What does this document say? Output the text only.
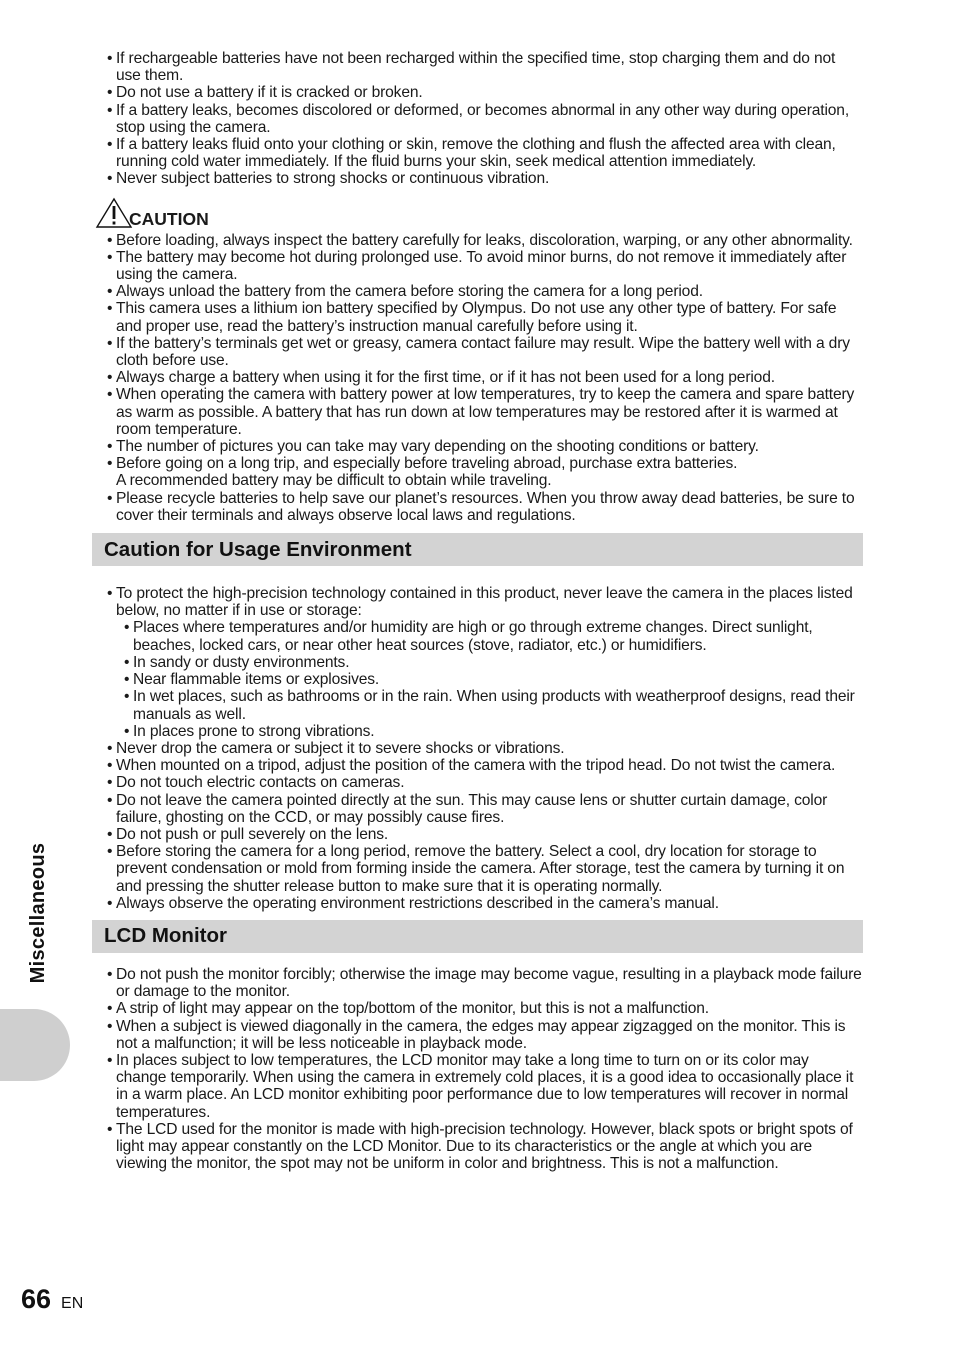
Miscellaneous
• If rechargeable batteries have not been recharged within the specified time, stop charging them and do not use them.
• Do not use a battery if it is cracked or broken.
• If a battery leaks, becomes discolored or deformed, or becomes abnormal in any other way during operation, stop using the camera.
• If a battery leaks fluid onto your clothing or skin, remove the clothing and flush the affected area with clean, running cold water immediately. If the fluid burns your skin, seek medical attention immediately.
• Never subject batteries to strong shocks or continuous vibration.
CAUTION
• Before loading, always inspect the battery carefully for leaks, discoloration, warping, or any other abnormality.
• The battery may become hot during prolonged use. To avoid minor burns, do not remove it immediately after using the camera.
• Always unload the battery from the camera before storing the camera for a long period.
• This camera uses a lithium ion battery specified by Olympus. Do not use any other type of battery. For safe and proper use, read the battery’s instruction manual carefully before using it.
• If the battery’s terminals get wet or greasy, camera contact failure may result. Wipe the battery well with a dry cloth before use.
• Always charge a battery when using it for the first time, or if it has not been used for a long period.
• When operating the camera with battery power at low temperatures, try to keep the camera and spare battery as warm as possible. A battery that has run down at low temperatures may be restored after it is warmed at room temperature.
• The number of pictures you can take may vary depending on the shooting conditions or battery.
• Before going on a long trip, and especially before traveling abroad, purchase extra batteries.
A recommended battery may be difficult to obtain while traveling.
• Please recycle batteries to help save our planet’s resources. When you throw away dead batteries, be sure to cover their terminals and always observe local laws and regulations.
Caution for Usage Environment
• To protect the high-precision technology contained in this product, never leave the camera in the places listed below, no matter if in use or storage:
• Places where temperatures and/or humidity are high or go through extreme changes. Direct sunlight, beaches, locked cars, or near other heat sources (stove, radiator, etc.) or humidifiers.
• In sandy or dusty environments.
• Near flammable items or explosives.
• In wet places, such as bathrooms or in the rain. When using products with weatherproof designs, read their manuals as well.
• In places prone to strong vibrations.
• Never drop the camera or subject it to severe shocks or vibrations.
• When mounted on a tripod, adjust the position of the camera with the tripod head. Do not twist the camera.
• Do not touch electric contacts on cameras.
• Do not leave the camera pointed directly at the sun. This may cause lens or shutter curtain damage, color failure, ghosting on the CCD, or may possibly cause fires.
• Do not push or pull severely on the lens.
• Before storing the camera for a long period, remove the battery. Select a cool, dry location for storage to prevent condensation or mold from forming inside the camera. After storage, test the camera by turning it on and pressing the shutter release button to make sure that it is operating normally.
• Always observe the operating environment restrictions described in the camera’s manual.
LCD Monitor
• Do not push the monitor forcibly; otherwise the image may become vague, resulting in a playback mode failure or damage to the monitor.
• A strip of light may appear on the top/bottom of the monitor, but this is not a malfunction.
• When a subject is viewed diagonally in the camera, the edges may appear zigzagged on the monitor. This is not a malfunction; it will be less noticeable in playback mode.
• In places subject to low temperatures, the LCD monitor may take a long time to turn on or its color may change temporarily. When using the camera in extremely cold places, it is a good idea to occasionally place it in a warm place. An LCD monitor exhibiting poor performance due to low temperatures will recover in normal temperatures.
• The LCD used for the monitor is made with high-precision technology. However, black spots or bright spots of light may appear constantly on the LCD Monitor. Due to its characteristics or the angle at which you are viewing the monitor, the spot may not be uniform in color and brightness. This is not a malfunction.
66 EN
